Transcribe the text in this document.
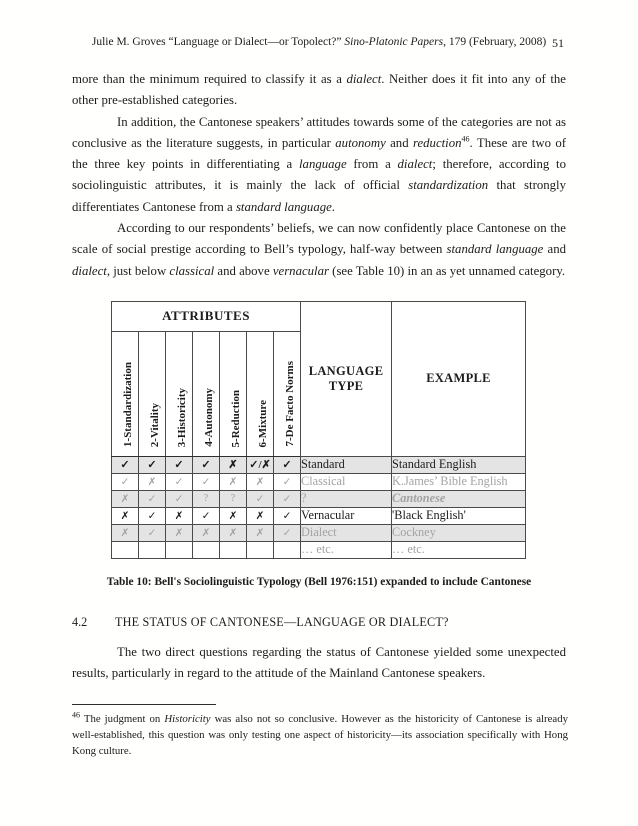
Julie M. Groves “Language or Dialect—or Topolect?” Sino-Platonic Papers, 179 (February, 2008) 51

more than the minimum required to classify it as a dialect. Neither does it fit into any of the other pre-established categories.

In addition, the Cantonese speakers’ attitudes towards some of the categories are not as conclusive as the literature suggests, in particular autonomy and reduction$^{46}$. These are two of the three key points in differentiating a language from a dialect; therefore, according to sociolinguistic attributes, it is mainly the lack of official standardization that strongly differentiates Cantonese from a standard language.

According to our respondents’ beliefs, we can now confidently place Cantonese on the scale of social prestige according to Bell’s typology, half-way between standard language and dialect, just below classical and above vernacular (see Table 10) in an as yet unnamed category.

ATTRIBUTES							LANGUAGE TYPE	EXAMPLE
1-Standardization	2-Vitality	3-Historicity	4-Autonomy	5-Reduction	6-Mixture	7-De Facto Norms		
✓	✓	✓	✓	✗	✓/✗	✓	Standard	Standard English
✓	✗	✓	✓	✗	✗	✓	Classical	K.James’ Bible English
✗	✓	✓	?	?	✓	✓	?	Cantonese
✗	✓	✗	✓	✗	✗	✓	Vernacular	'Black English'
✗	✓	✗	✗	✗	✗	✓	Dialect	Cockney
							… etc.	… etc.
Table 10: Bell's Sociolinguistic Typology (Bell 1976:151) expanded to include Cantonese
4.2	THE STATUS OF CANTONESE—LANGUAGE OR DIALECT?

The two direct questions regarding the status of Cantonese yielded some unexpected results, particularly in regard to the attitude of the Mainland Cantonese speakers.

$^{46}$ The judgment on Historicity was also not so conclusive. However as the historicity of Cantonese is already well-established, this question was only testing one aspect of historicity—its association specifically with Hong Kong culture.
